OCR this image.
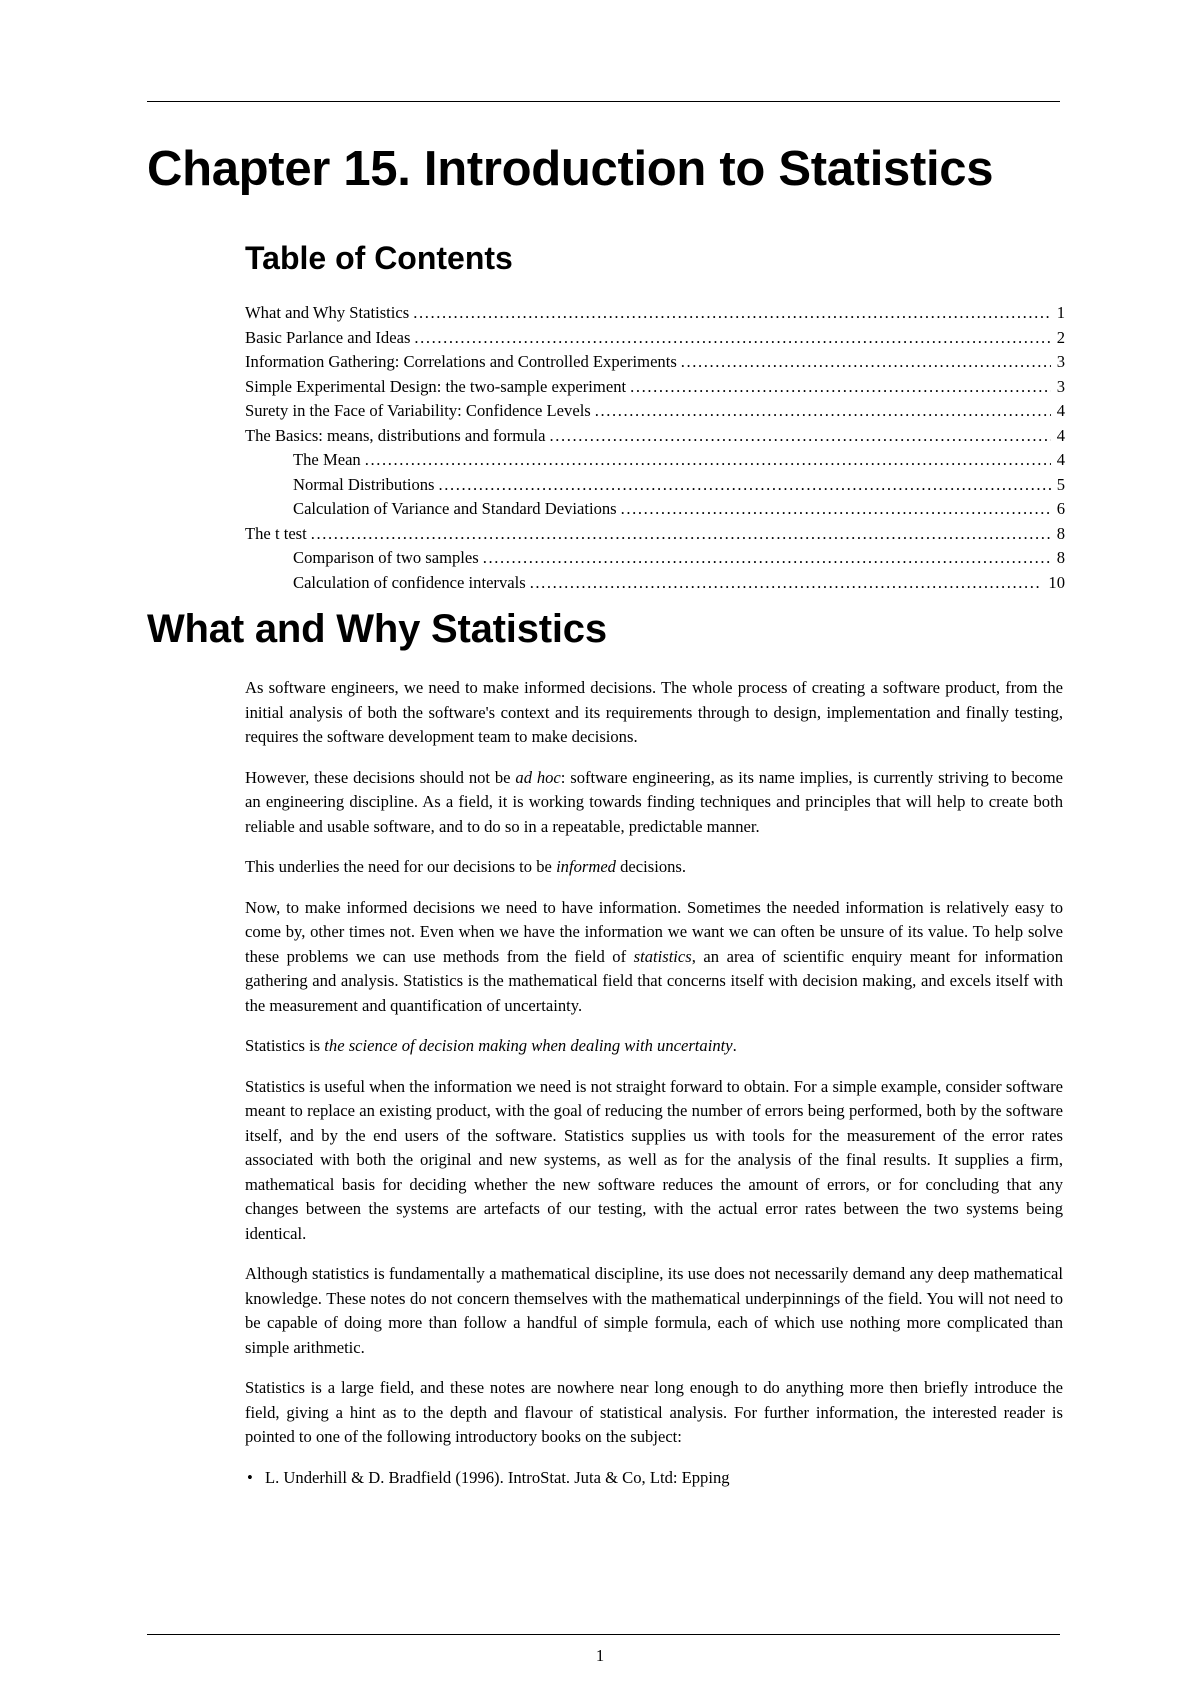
Chapter 15. Introduction to Statistics
Table of Contents
What and Why Statistics .....	1
Basic Parlance and Ideas .....	2
Information Gathering: Correlations and Controlled Experiments .....	3
Simple Experimental Design: the two-sample experiment .....	3
Surety in the Face of Variability: Confidence Levels .....	4
The Basics: means, distributions and formula .....	4
The Mean .....	4
Normal Distributions .....	5
Calculation of Variance and Standard Deviations .....	6
The t test .....	8
Comparison of two samples .....	8
Calculation of confidence intervals .....	10
What and Why Statistics

As software engineers, we need to make informed decisions. The whole process of creating a software product, from the initial analysis of both the software's context and its requirements through to design, implementation and finally testing, requires the software development team to make decisions.

However, these decisions should not be ad hoc: software engineering, as its name implies, is currently striving to become an engineering discipline. As a field, it is working towards finding techniques and principles that will help to create both reliable and usable software, and to do so in a repeatable, predictable manner.

This underlies the need for our decisions to be informed decisions.

Now, to make informed decisions we need to have information. Sometimes the needed information is relatively easy to come by, other times not. Even when we have the information we want we can often be unsure of its value. To help solve these problems we can use methods from the field of statistics, an area of scientific enquiry meant for information gathering and analysis. Statistics is the mathematical field that concerns itself with decision making, and excels itself with the measurement and quantification of uncertainty.

Statistics is the science of decision making when dealing with uncertainty.

Statistics is useful when the information we need is not straight forward to obtain. For a simple example, consider software meant to replace an existing product, with the goal of reducing the number of errors being performed, both by the software itself, and by the end users of the software. Statistics supplies us with tools for the measurement of the error rates associated with both the original and new systems, as well as for the analysis of the final results. It supplies a firm, mathematical basis for deciding whether the new software reduces the amount of errors, or for concluding that any changes between the systems are artefacts of our testing, with the actual error rates between the two systems being identical.

Although statistics is fundamentally a mathematical discipline, its use does not necessarily demand any deep mathematical knowledge. These notes do not concern themselves with the mathematical underpinnings of the field. You will not need to be capable of doing more than follow a handful of simple formula, each of which use nothing more complicated than simple arithmetic.

Statistics is a large field, and these notes are nowhere near long enough to do anything more then briefly introduce the field, giving a hint as to the depth and flavour of statistical analysis. For further information, the interested reader is pointed to one of the following introductory books on the subject:

• L. Underhill & D. Bradfield (1996). IntroStat. Juta & Co, Ltd: Epping
1
